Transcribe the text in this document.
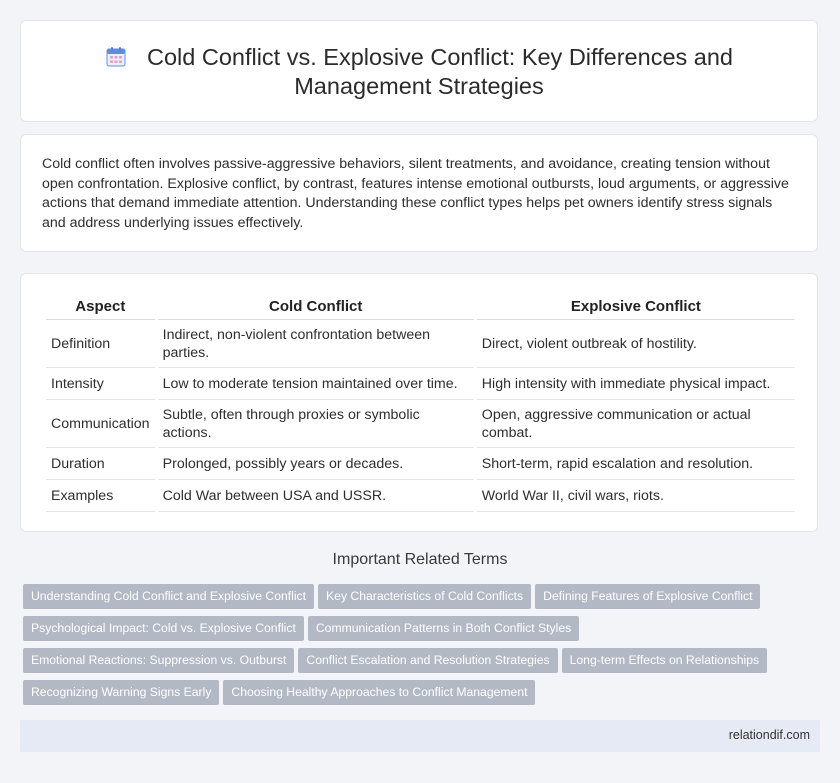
Cold Conflict vs. Explosive Conflict: Key Differences and
Management Strategies
Cold conflict often involves passive-aggressive behaviors, silent treatments, and avoidance, creating tension without open confrontation. Explosive conflict, by contrast, features intense emotional outbursts, loud arguments, or aggressive actions that demand immediate attention. Understanding these conflict types helps pet owners identify stress signals and address underlying issues effectively.
Aspect	Cold Conflict	Explosive Conflict
Definition	Indirect, non-violent confrontation between parties.	Direct, violent outbreak of hostility.
Intensity	Low to moderate tension maintained over time.	High intensity with immediate physical impact.
Communication	Subtle, often through proxies or symbolic actions.	Open, aggressive communication or actual combat.
Duration	Prolonged, possibly years or decades.	Short-term, rapid escalation and resolution.
Examples	Cold War between USA and USSR.	World War II, civil wars, riots.
Important Related Terms
Understanding Cold Conflict and Explosive Conflict Key Characteristics of Cold Conflicts Defining Features of Explosive Conflict
Psychological Impact: Cold vs. Explosive Conflict Communication Patterns in Both Conflict Styles
Emotional Reactions: Suppression vs. Outburst Conflict Escalation and Resolution Strategies Long-term Effects on Relationships
Recognizing Warning Signs Early Choosing Healthy Approaches to Conflict Management
relationdif.com
